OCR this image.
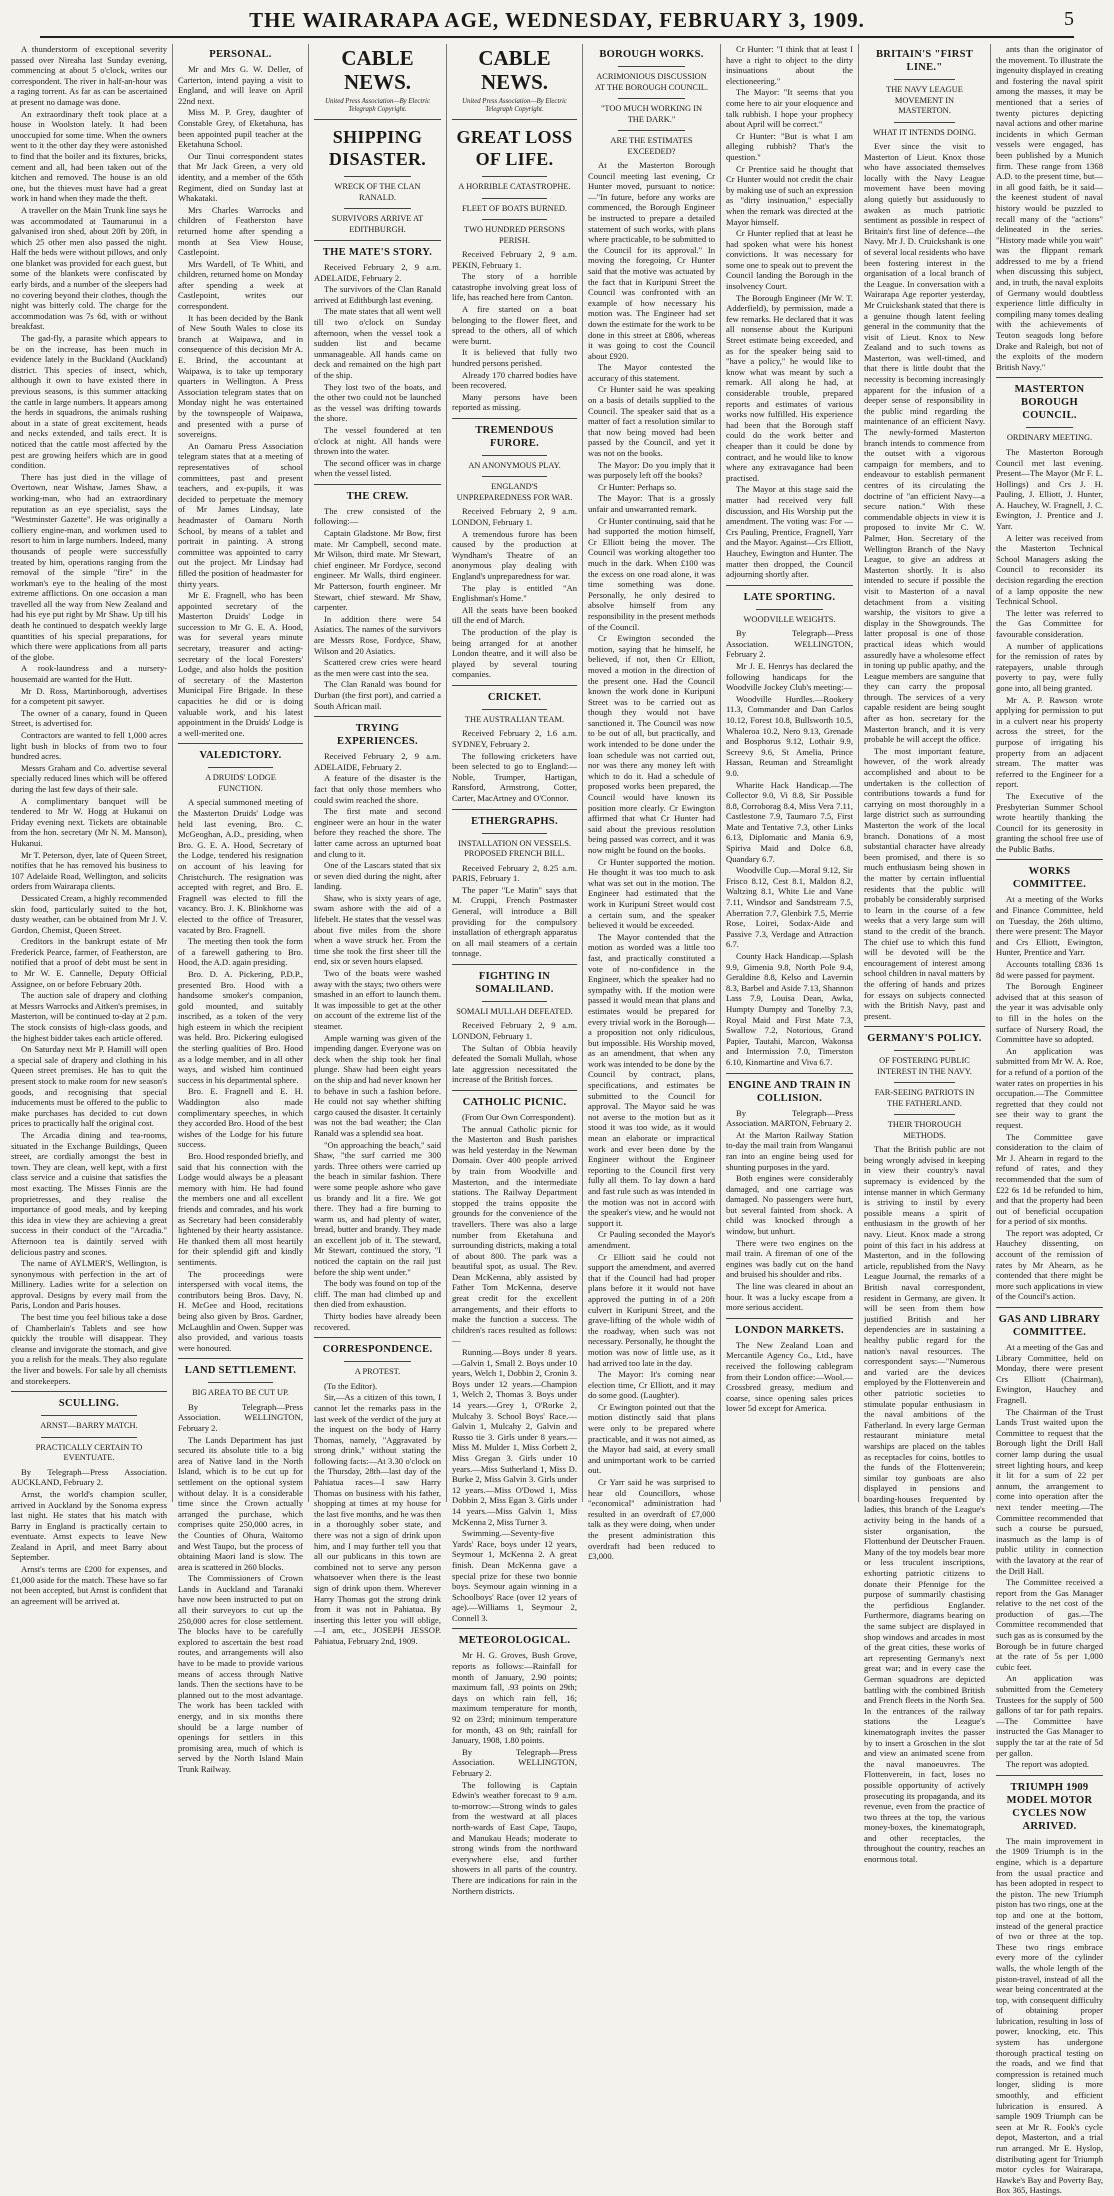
THE WAIRARAPA AGE, WEDNESDAY, FEBRUARY 3, 1909.	5
A thunderstorm of exceptional severity passed over Nireaha last Sunday evening, commencing at about 5 o'clock, writes our correspondent. The river in half-an-hour was a raging torrent. As far as can be ascertained at present no damage was done.
An extraordinary theft took place at a house in Woolston lately. It had been unoccupied for some time. When the owners went to it the other day they were astonished to find that the boiler and its fixtures, bricks, cement and all, had been taken out of the kitchen and removed. The house is an old one, but the thieves must have had a great work in hand when they made the theft.
A traveller on the Main Trunk line says he was accommodated at Taumarunui in a galvanised iron shed, about 20ft by 20ft, in which 25 other men also passed the night. Half the beds were without pillows, and only one blanket was provided for each guest, but some of the blankets were confiscated by early birds, and a number of the sleepers had no covering beyond their clothes, though the night was bitterly cold. The charge for the accommodation was 7s 6d, with or without breakfast.
The gad-fly, a parasite which appears to be on the increase, has been much in evidence lately in the Buckland (Auckland) district. This species of insect, which, although it own to have existed there in previous seasons, is this summer attacking the cattle in large numbers. It appears among the herds in squadrons, the animals rushing about in a state of great excitement, heads and necks extended, and tails erect. It is noticed that the cattle most affected by the pest are growing heifers which are in good condition.
There has just died in the village of Overtown, near Wishaw, James Shaw, a working-man, who had an extraordinary reputation as an eye specialist, says the "Westminster Gazette". He was originally a colliery engine-man, and workmen used to resort to him in large numbers. Indeed, many thousands of people were successfully treated by him, operations ranging from the removal of the simple "fire" in the workman's eye to the healing of the most extreme afflictions. On one occasion a man travelled all the way from New Zealand and had his eye put right by Mr Shaw. Up till his death he continued to despatch weekly large quantities of his special preparations, for which there were applications from all parts of the globe.
A rook-laundress and a nursery-housemaid are wanted for the Hutt.
Mr D. Ross, Martinborough, advertises for a competent pit sawyer.
The owner of a canary, found in Queen Street, is advertised for.
Contractors are wanted to fell 1,000 acres light bush in blocks of from two to four hundred acres.
Messrs Graham and Co. advertise several specially reduced lines which will be offered during the last few days of their sale.
A complimentary banquet will be tendered to Mr W. Hogg at Hukanui on Friday evening next. Tickets are obtainable from the hon. secretary (Mr N. M. Manson), Hukanui.
Mr T. Peterson, dyer, late of Queen Street, notifies that he has removed his business to 107 Adelaide Road, Wellington, and solicits orders from Wairarapa clients.
Dessicated Cream, a highly recommended skin food, particularly suited to the hot, dusty weather, can be obtained from Mr J. V. Gordon, Chemist, Queen Street.
Creditors in the bankrupt estate of Mr Frederick Pearce, farmer, of Featherston, are notified that a proof of debt must be sent in to Mr W. E. Cannelle, Deputy Official Assignee, on or before February 20th.
The auction sale of drapery and clothing at Messrs Warrocks and Aitken's premises, in Masterton, will be continued to-day at 2 p.m. The stock consists of high-class goods, and the highest bidder takes each article offered.
On Saturday next Mr P. Hamill will open a special sale of drapery and clothing in his Queen street premises. He has to quit the present stock to make room for new season's goods, and recognising that special inducements must be offered to the public to make purchases has decided to cut down prices to practically half the original cost.
The Arcadia dining and tea-rooms, situated in the Exchange Buildings, Queen street, are cordially amongst the best in town. They are clean, well kept, with a first class service and a cuisine that satisfies the most exacting. The Misses Finnis are the proprietresses, and they realise the importance of good meals, and by keeping this idea in view they are achieving a great success in their conduct of the "Arcadia." Afternoon tea is daintily served with delicious pastry and scones.
The name of AYLMER'S, Wellington, is synonymous with perfection in the art of Millinery. Ladies write for a selection on approval. Designs by every mail from the Paris, London and Paris houses.
The best time you feel bilious take a dose of Chamberlain's Tablets and see how quickly the trouble will disappear. They cleanse and invigorate the stomach, and give you a relish for the meals. They also regulate the liver and bowels. For sale by all chemists and storekeepers.
SCULLING.
ARNST—BARRY MATCH.
PRACTICALLY CERTAIN TO EVENTUATE.
By Telegraph—Press Association. AUCKLAND, February 2.
Arnst, the world's champion sculler, arrived in Auckland by the Sonoma express last night. He states that his match with Barry in England is practically certain to eventuate. Arnst expects to leave New Zealand in April, and meet Barry about September.
Arnst's terms are £200 for expenses, and £1,000 aside for the match. These have so far not been accepted, but Arnst is confident that an agreement will be arrived at.
PERSONAL.
Mr and Mrs G. W. Deller, of Carterton, intend paying a visit to England, and will leave on April 22nd next.
Miss M. P. Grey, daughter of Constable Grey, of Eketahuna, has been appointed pupil teacher at the Eketahuna School.
Our Tinui correspondent states that Mr Jack Green, a very old identity, and a member of the 65th Regiment, died on Sunday last at Whakataki.
Mrs Charles Warrocks and children of Featherston have returned home after spending a month at Sea View House, Castlepoint.
Mrs Wardell, of Te Whiti, and children, returned home on Monday after spending a week at Castlepoint, writes our correspondent.
It has been decided by the Bank of New South Wales to close its branch at Waipawa, and in consequence of this decision Mr A. E. Brind, the accountant at Waipawa, is to take up temporary quarters in Wellington. A Press Association telegram states that on Monday night he was entertained by the townspeople of Waipawa, and presented with a purse of sovereigns.
An Oamaru Press Association telegram states that at a meeting of representatives of school committees, past and present teachers, and ex-pupils, it was decided to perpetuate the memory of Mr James Lindsay, late headmaster of Oamaru North School, by means of a tablet and portrait in painting. A strong committee was appointed to carry out the project. Mr Lindsay had filled the position of headmaster for thirty years.
Mr E. Fragnell, who has been appointed secretary of the Masterton Druids' Lodge in succession to Mr G. E. A. Hood, was for several years minute secretary, treasurer and acting-secretary of the local Foresters' Lodge, and also holds the position of secretary of the Masterton Municipal Fire Brigade. In these capacities he did or is doing valuable work, and his latest appointment in the Druids' Lodge is a well-merited one.
VALEDICTORY.
A DRUIDS' LODGE FUNCTION.
A special summoned meeting of the Masterton Druids' Lodge was held last evening, Bro. C. McGeoghan, A.D., presiding, when Bro. G. E. A. Hood, Secretary of the Lodge, tendered his resignation on account of his leaving for Christchurch. The resignation was accepted with regret, and Bro. E. Fragnell was elected to fill the vacancy. Bro. J. K. Blinkhorne was elected to the office of Treasurer, vacated by Bro. Fragnell.
The meeting then took the form of a farewell gathering to Bro. Hood, the A.D. again presiding.
Bro. D. A. Pickering, P.D.P., presented Bro. Hood with a handsome smoker's companion, gold mounted, and suitably inscribed, as a token of the very high esteem in which the recipient was held. Bro. Pickering eulogised the sterling qualities of Bro. Hood as a lodge member, and in all other ways, and wished him continued success in his departmental sphere.
Bro. E. Fragnell and E. H. Waddington also made complimentary speeches, in which they accorded Bro. Hood of the best wishes of the Lodge for his future success.
Bro. Hood responded briefly, and said that his connection with the Lodge would always be a pleasant memory with him. He had found the members one and all excellent friends and comrades, and his work as Secretary had been considerably lightened by their hearty assistance. He thanked them all most heartily for their splendid gift and kindly sentiments.
The proceedings were interspersed with vocal items, the contributors being Bros. Davy, N. H. McGee and Hood, recitations being also given by Bros. Gardner, McLaughlin and Owen. Supper was also provided, and various toasts were honoured.
LAND SETTLEMENT.
BIG AREA TO BE CUT UP.
By Telegraph—Press Association. WELLINGTON, February 2.
The Lands Department has just secured its absolute title to a big area of Native land in the North Island, which is to be cut up for settlement on the optional system without delay. It is a considerable time since the Crown actually arranged the purchase, which comprises quite 250,000 acres, in the Counties of Ohura, Waitomo and West Taupo, but the process of obtaining Maori land is slow. The area is scattered in 260 blocks.
The Commissioners of Crown Lands in Auckland and Taranaki have now been instructed to put on all their surveyors to cut up the 250,000 acres for close settlement. The blocks have to be carefully explored to ascertain the best road routes, and arrangements will also have to be made to provide various means of access through Native lands. Then the sections have to be planned out to the most advantage. The work has been tackled with energy, and in six months there should be a large number of openings for settlers in this promising area, much of which is served by the North Island Main Trunk Railway.
CABLE NEWS.
United Press Association—By Electric Telegraph Copyright.
SHIPPING DISASTER.
WRECK OF THE CLAN RANALD.
SURVIVORS ARRIVE AT EDITHBURGH.
THE MATE'S STORY.
Received February 2, 9 a.m. ADELAIDE, February 2.
The survivors of the Clan Ranald arrived at Edithburgh last evening.
The mate states that all went well till two o'clock on Sunday afternoon, when the vessel took a sudden list and became unmanageable. All hands came on deck and remained on the high part of the ship.
They lost two of the boats, and the other two could not be launched as the vessel was drifting towards the shore.
The vessel foundered at ten o'clock at night. All hands were thrown into the water.
The second officer was in charge when the vessel listed.
THE CREW.
The crew consisted of the following:—
Captain Gladstone. Mr Bow, first mate. Mr Campbell, second mate. Mr Wilson, third mate. Mr Stewart, chief engineer. Mr Fordyce, second engineer. Mr Walls, third engineer. Mr Patterson, fourth engineer. Mr Stewart, chief steward. Mr Shaw, carpenter.
In addition there were 54 Asiatics. The names of the survivors are Messrs Rose, Fordyce, Shaw, Wilson and 20 Asiatics.
Scattered crew cries were heard as the men were cast into the sea.
The Clan Ranald was bound for Durban (the first port), and carried a South African mail.
TRYING EXPERIENCES.
Received February 2, 9 a.m. ADELAIDE, February 2.
A feature of the disaster is the fact that only those members who could swim reached the shore.
The first mate and second engineer were an hour in the water before they reached the shore. The latter came across an upturned boat and clung to it.
One of the Lascars stated that six or seven died during the night, after landing.
Shaw, who is sixty years of age, swam ashore with the aid of a lifebelt. He states that the vessel was about five miles from the shore when a wave struck her. From the time she took the first sheer till the end, six or seven hours elapsed.
Two of the boats were washed away with the stays; two others were smashed in an effort to launch them. It was impossible to get at the other on account of the extreme list of the steamer.
Ample warning was given of the impending danger. Everyone was on deck when the ship took her final plunge. Shaw had been eight years on the ship and had never known her to behave in such a fashion before. He could not say whether shifting cargo caused the disaster. It certainly was not the bad weather; the Clan Ranald was a splendid sea boat.
"On approaching the beach," said Shaw, "the surf carried me 300 yards. Three others were carried up the beach in similar fashion. There were some people ashore who gave us brandy and lit a fire. We got there. They had a fire burning to warm us, and had plenty of water, bread, butter and brandy. They made an excellent job of it. The steward, Mr Stewart, continued the story, "I noticed the captain on the rail just before the ship went under."
The body was found on top of the cliff. The man had climbed up and then died from exhaustion.
Thirty bodies have already been recovered.
CORRESPONDENCE.
A PROTEST.
(To the Editor).
Sir,—As a citizen of this town, I cannot let the remarks pass in the last week of the verdict of the jury at the inquest on the body of Harry Thomas, namely, "Aggravated by strong drink," without stating the following facts:—At 3.30 o'clock on the Thursday, 28th—last day of the Pahiatua races—I saw Harry Thomas on business with his father, shopping at times at my house for the last five months, and he was then in a thoroughly sober state, and there was not a sign of drink upon him, and I may further tell you that all our publicans in this town are combined not to serve any person whatsoever when there is the least sign of drink upon them. Wherever Harry Thomas got the strong drink from it was not in Pahiatua. By inserting this letter you will oblige,—I am, etc., JOSEPH JESSOP. Pahiatua, February 2nd, 1909.
CABLE NEWS.
United Press Association—By Electric Telegraph Copyright.
GREAT LOSS OF LIFE.
A HORRIBLE CATASTROPHE.
FLEET OF BOATS BURNED.
TWO HUNDRED PERSONS PERISH.
Received February 2, 9 a.m. PEKIN, February 1.
The story of a horrible catastrophe involving great loss of life, has reached here from Canton.
A fire started on a boat belonging to the flower fleet, and spread to the others, all of which were burnt.
It is believed that fully two hundred persons perished.
Already 170 charred bodies have been recovered.
Many persons have been reported as missing.
TREMENDOUS FURORE.
AN ANONYMOUS PLAY.
ENGLAND'S UNPREPAREDNESS FOR WAR.
Received February 2, 9 a.m. LONDON, February 1.
A tremendous furore has been caused by the production at Wyndham's Theatre of an anonymous play dealing with England's unpreparedness for war.
The play is entitled "An Englishman's Home."
All the seats have been booked till the end of March.
The production of the play is being arranged for at another London theatre, and it will also be played by several touring companies.
CRICKET.
THE AUSTRALIAN TEAM.
Received February 2, 1.6 a.m. SYDNEY, February 2.
The following cricketers have been selected to go to England:—Noble, Trumper, Hartigan, Ransford, Armstrong, Cotter, Carter, MacArtney and O'Connor.
ETHERGRAPHS.
INSTALLATION ON VESSELS. PROPOSED FRENCH BILL.
Received February 2, 8.25 a.m. PARIS, February 1.
The paper "Le Matin" says that M. Cruppi, French Postmaster General, will introduce a Bill providing for the compulsory installation of ethergraph apparatus on all mail steamers of a certain tonnage.
FIGHTING IN SOMALILAND.
SOMALI MULLAH DEFEATED.
Received February 2, 9 a.m. LONDON, February 1.
The Sultan of Obbia heavily defeated the Somali Mullah, whose late aggression necessitated the increase of the British forces.
CATHOLIC PICNIC.
(From Our Own Correspondent).
The annual Catholic picnic for the Masterton and Bush parishes was held yesterday in the Newman Domain. Over 400 people arrived by train from Woodville and Masterton, and the intermediate stations. The Railway Department stopped the trains opposite the grounds for the convenience of the travellers. There was also a large number from Eketahuna and surrounding districts, making a total of about 800. The park was a beautiful spot, as usual. The Rev. Dean McKenna, ably assisted by Father Tom McKenna, deserve great credit for the excellent arrangements, and their efforts to make the function a success. The children's races resulted as follows:—
Running.—Boys under 8 years.—Galvin 1, Small 2. Boys under 10 years, Welch 1, Dobbin 2, Cronin 3. Boys under 12 years.—Champion 1, Welch 2, Thomas 3. Boys under 14 years.—Grey 1, O'Rorke 2, Mulcahy 3. School Boys' Race.—Galvin 1, Mulcahy 2, Galvin and Russo tie 3. Girls under 8 years.—Miss M. Mulder 1, Miss Corbett 2, Miss Gregan 3. Girls under 10 years.—Miss Sutherland 1, Miss D. Burke 2, Miss Galvin 3. Girls under 12 years.—Miss O'Dowd 1, Miss Dobbin 2, Miss Egan 3. Girls under 14 years.—Miss Galvin 1, Miss McKenna 2, Miss Turner 3.
Swimming.—Seventy-five Yards' Race, boys under 12 years, Seymour 1, McKenna 2. A great finish. Dean McKenna gave a special prize for these two bonnie boys. Seymour again winning in a Schoolboys' Race (over 12 years of age).—Williams 1, Seymour 2, Connell 3.
METEOROLOGICAL.
Mr H. G. Groves, Bush Grove, reports as follows:—Rainfall for month of January, 2.90 points; maximum fall, .93 points on 29th; days on which rain fell, 16; maximum temperature for month, 92 on 23rd; minimum temperature for month, 43 on 9th; rainfall for January, 1908, 1.80 points.
By Telegraph—Press Association. WELLINGTON, February 2.
The following is Captain Edwin's weather forecast to 9 a.m. to-morrow:—Strong winds to gales from the westward at all places north-wards of East Cape, Taupo, and Manukau Heads; moderate to strong winds from the northward everywhere else, and further showers in all parts of the country. There are indications for rain in the Northern districts.
BOROUGH WORKS.
ACRIMONIOUS DISCUSSION AT THE BOROUGH COUNCIL.
"TOO MUCH WORKING IN THE DARK."
ARE THE ESTIMATES EXCEEDED?
At the Masterton Borough Council meeting last evening, Cr Hunter moved, pursuant to notice:—"In future, before any works are commenced, the Borough Engineer be instructed to prepare a detailed statement of such works, with plans where practicable, to be submitted to the Council for its approval." In moving the foregoing, Cr Hunter said that the motive was actuated by the fact that in Kuripuni Street the Council was confronted with an example of how necessary his motion was. The Engineer had set down the estimate for the work to be done in this street at £806, whereas it was going to cost the Council about £920.
The Mayor contested the accuracy of this statement.
Cr Hunter said he was speaking on a basis of details supplied to the Council. The speaker said that as a matter of fact a resolution similar to that now being moved had been passed by the Council, and yet it was not on the books.
The Mayor: Do you imply that it was purposely left off the books?
Cr Hunter: Perhaps so.
The Mayor: That is a grossly unfair and unwarranted remark.
Cr Hunter continuing, said that he had supported the motion himself, Cr Elliott being the mover. The Council was working altogether too much in the dark. When £100 was the excess on one road alone, it was time something was done. Personally, he only desired to absolve himself from any responsibility in the present methods of the Council.
Cr Ewington seconded the motion, saying that he himself, he believed, if not, then Cr Elliott, moved a motion in the direction of the present one. Had the Council known the work done in Kuripuni Street was to be carried out as though they would not have sanctioned it. The Council was now to be out of all, but practically, and work intended to be done under the loan schedule was not carried out, nor was there any money left with which to do it. Had a schedule of proposed works been prepared, the Council would have known its position more clearly. Cr Ewington affirmed that what Cr Hunter had said about the previous resolution being passed was correct, and it was now might be found on the books.
Cr Hunter supported the motion. He thought it was too much to ask what was set out in the motion. The Engineer had estimated that the work in Kuripuni Street would cost a certain sum, and the speaker believed it would be exceeded.
The Mayor contended that the motion as worded was a little too fast, and practically constituted a vote of no-confidence in the Engineer, which the speaker had no sympathy with. If the motion were passed it would mean that plans and estimates would be prepared for every trivial work in the Borough—a proposition not only ridiculous, but impossible. His Worship moved, as an amendment, that when any work was intended to be done by the Council by contract, plans, specifications, and estimates be submitted to the Council for approval. The Mayor said he was not averse to the motion but as it stood it was too wide, as it would mean an elaborate or impractical work and ever been done by the Engineer without the Engineer reporting to the Council first very fully all them. To lay down a hard and fast rule such as was intended in the motion was not in accord with the speaker's view, and he would not support it.
Cr Pauling seconded the Mayor's amendment.
Cr Elliott said he could not support the amendment, and averred that if the Council had had proper plans before it it would not have approved the putting in of a 20ft culvert in Kuripuni Street, and the grave-lifting of the whole width of the roadway, when such was not necessary. Personally, he thought the motion was now of little use, as it had arrived too late in the day.
The Mayor: It's coming near election time, Cr Elliott, and it may do some good. (Laughter).
Cr Ewington pointed out that the motion distinctly said that plans were only to be prepared where practicable, and it was not aimed, as the Mayor had said, at every small and unimportant work to be carried out.
Cr Yarr said he was surprised to hear old Councillors, whose "economical" administration had resulted in an overdraft of £7,000 talk as they were doing, when under the present administration this overdraft had been reduced to £3,000.
Cr Hunter: "I think that at least I have a right to object to the dirty insinuations about the electioneering."
The Mayor: "It seems that you come here to air your eloquence and talk rubbish. I hope your prophecy about April will be correct."
Cr Hunter: "But is what I am alleging rubbish? That's the question."
Cr Prentice said he thought that Cr Hunter would not credit the chair by making use of such an expression as "dirty insinuation," especially when the remark was directed at the Mayor himself.
Cr Hunter replied that at least he had spoken what were his honest convictions. It was necessary for some one to speak out to prevent the Council landing the Borough in the insolvency Court.
The Borough Engineer (Mr W. T. Adderfield), by permission, made a few remarks. He declared that it was all nonsense about the Kuripuni Street estimate being exceeded, and as for the speaker being said to "have a policy," he would like to know what was meant by such a remark. All along he had, at considerable trouble, prepared reports and estimates of various works now fulfilled. His experience had been that the Borough staff could do the work better and cheaper than it could be done by contract, and he would like to know where any extravagance had been practised.
The Mayor at this stage said the matter had received very full discussion, and His Worship put the amendment. The voting was: For —Crs Pauling, Prentice, Fragnell, Yarr and the Mayor. Against—Crs Elliott, Hauchey, Ewington and Hunter. The matter then dropped, the Council adjourning shortly after.
LATE SPORTING.
WOODVILLE WEIGHTS.
By Telegraph—Press Association. WELLINGTON, February 2.
Mr J. E. Henrys has declared the following handicaps for the Woodville Jockey Club's meeting:—
Woodville Hurdles.—Rookery 11.3, Commander and Dan Carlos 10.12, Forest 10.8, Bullsworth 10.5, Whaleroa 10.2, Nero 9.13, Grenade and Bosphorus 9.12, Lothair 9.9, Screevy 9.6, St Amelia, Prince Hassan, Reuman and Streamlight 9.0.
Wharite Hack Handicap.—The Collector 9.0, Vi 8.8, Sir Possible 8.8, Corroborag 8.4, Miss Vera 7.11, Castlestone 7.9, Taumaro 7.5, First Mate and Tentative 7.3, other Links 6.13, Diplomatic and Mania 6.9, Spiriva Maid and Dolce 6.8, Quandary 6.7.
Woodville Cup.—Moral 9.12, Sir Frisco 8.12, Cest 8.1, Maldon 8.2, Waltzing 8.1, White Lie and Vane 7.11, Windsor and Sandstream 7.5, Aberration 7.7, Glenbirk 7.5, Merrie Rose, Loirei, Sodax-Aide and Passive 7.3, Verdage and Attraction 6.7.
County Hack Handicap.—Splash 9.9, Gimenia 9.8, North Pole 9.4, Geraldine 8.8, Kelso and Lavernin 8.3, Barbel and Aside 7.13, Shannon Lass 7.9, Louisa Dean, Awka, Humpty Dumpty and Tonelby 7.3, Royal Maid and First Mate 7.3, Swallow 7.2, Notorious, Grand Papier, Tautahi, Marcon, Wakonsa and Intermission 7.0, Timerston 6.10, Kinmartine and Viva 6.7.
ENGINE AND TRAIN IN COLLISION.
By Telegraph—Press Association. MARTON, February 2.
At the Marton Railway Station to-day the mail train from Wanganui ran into an engine being used for shunting purposes in the yard.
Both engines were considerably damaged, and one carriage was damaged. No passengers were hurt, but several fainted from shock. A child was knocked through a window, but unhurt.
There were two engines on the mail train. A fireman of one of the engines was badly cut on the hand and bruised his shoulder and ribs.
The line was cleared in about an hour. It was a lucky escape from a more serious accident.
LONDON MARKETS.
The New Zealand Loan and Mercantile Agency Co., Ltd., have received the following cablegram from their London office:—Wool.—Crossbred greasy, medium and coarse, since opening sales prices lower 5d except for America.
BRITAIN'S "FIRST LINE."
THE NAVY LEAGUE MOVEMENT IN MASTERTON.
WHAT IT INTENDS DOING.
Ever since the visit to Masterton of Lieut. Knox those who have associated themselves locally with the Navy League movement have been moving along quietly but assiduously to awaken as much patriotic sentiment as possible in respect of Britain's first line of defence—the Navy. Mr J. D. Cruickshank is one of several local residents who have been fostering interest in the organisation of a local branch of the League. In conversation with a Wairarapa Age reporter yesterday, Mr Cruickshank stated that there is a genuine though latent feeling general in the community that the visit of Lieut. Knox to New Zealand and to such towns as Masterton, was well-timed, and that there is little doubt that the necessity is becoming increasingly apparent for the infusion of a deeper sense of responsibility in the public mind regarding the maintenance of an efficient Navy. The newly-formed Masterton branch intends to commence from the outset with a vigorous campaign for members, and to endeavour to establish permanent centres of its circulating the doctrine of "an efficient Navy—a secure nation." With these commendable objects in view it is proposed to invite Mr C. W. Palmer, Hon. Secretary of the Wellington Branch of the Navy League, to give an address at Masterton shortly. It is also intended to secure if possible the visit to Masterton of a naval detachment from a visiting warship, the visitors to give a display in the Showgrounds. The latter proposal is one of those practical ideas which would assuredly have a wholesome effect in toning up public apathy, and the League members are sanguine that they can carry the proposal through. The services of a very capable resident are being sought after as hon. secretary for the Masterton branch, and it is very probable he will accept the office.
The most important feature, however, of the work already accomplished and about to be undertaken is the collection of contributions towards a fund for carrying on most thoroughly in a large district such as surrounding Masterton the work of the local branch. Donations of a most substantial character have already been promised, and there is so much enthusiasm being shown in the matter by certain influential residents that the public will probably be considerably surprised to learn in the course of a few weeks that a very large sum will stand to the credit of the branch. The chief use to which this fund will be devoted will be the encouragement of interest among school children in naval matters by the offering of hands and prizes for essays on subjects connected with the British Navy, past and present.
GERMANY'S POLICY.
OF FOSTERING PUBLIC INTEREST IN THE NAVY.
FAR-SEEING PATRIOTS IN THE FATHERLAND.
THEIR THOROUGH METHODS.
That the British public are not being wrongly advised in keeping in view their country's naval supremacy is evidenced by the intense manner in which Germany is striving to instil by every possible means a spirit of enthusiasm in the growth of her navy. Lieut. Knox made a strong point of this fact in his address at Masterton, and in the following article, republished from the Navy League Journal, the remarks of a British naval correspondent, resident in Germany, are given. It will be seen from them how justified British and her dependencies are in sustaining a healthy public regard for the nation's naval resources. The correspondent says:—"Numerous and varied are the devices employed by the Flottenverein and other patriotic societies to stimulate popular enthusiasm in the naval ambitions of the Fatherland. In every large German restaurant miniature metal warships are placed on the tables as receptacles for coins, bottles to the funds of the Flottenverein; similar toy gunboats are also displayed in pensions and boarding-houses frequented by ladies, this branch of the League's activity being in the hands of a sister organisation, the Flottenbund der Deutscher Frauen. Many of the toy models bear more or less truculent inscriptions, exhorting patriotic citizens to donate their Pfennige for the purpose of summarily chastising the perfidious Englander. Furthermore, diagrams bearing on the same subject are displayed in shop windows and arcades in most of the great cities, these works of art representing Germany's next great war; and in every case the German squadrons are depicted battling with the combined British and French fleets in the North Sea. In the entrances of the railway stations the League's kinematograph invites the passer by to insert a Groschen in the slot and view an animated scene from the naval manoeuvres. The Flottenverein, in fact, loses no possible opportunity of actively prosecuting its propaganda, and its revenue, even from the practice of two threes at the top, the various money-boxes, the kinematograph, and other receptacles, the throughout the country, reaches an enormous total.
ants than the originator of the movement. To illustrate the ingenuity displayed in creating and fostering the naval spirit among the masses, it may be mentioned that a series of twenty pictures depicting naval actions and other marine incidents in which German vessels were engaged, has been published by a Munich firm. These range from 1368 A.D. to the present time, but—in all good faith, be it said—the keenest student of naval history would be puzzled to recall many of the "actions" delineated in the series. "History made while you wait" was the flippant remark addressed to me by a friend when discussing this subject, and, in truth, the naval exploits of Germany would doubtless experience little difficulty in compiling many tomes dealing with the achievements of Teuton seagods long before Drake and Raleigh, but not of the exploits of the modern British Navy."
MASTERTON BOROUGH COUNCIL.
ORDINARY MEETING.
The Masterton Borough Council met last evening. Present—The Mayor (Mr F. L. Hollings) and Crs J. H. Pauling, J. Elliott, J. Hunter, A. Hauchey, W. Fragnell, J. C. Ewington, J. Prentice and J. Yarr.
A letter was received from the Masterton Technical School Managers asking the Council to reconsider its decision regarding the erection of a lamp opposite the new Technical School.
The letter was referred to the Gas Committee for favourable consideration.
A number of applications for the remission of rates by ratepayers, unable through poverty to pay, were fully gone into, all being granted.
Mr A. P. Rawson wrote applying for permission to put in a culvert near his property across the street, for the purpose of irrigating his property from an adjacent stream. The matter was referred to the Engineer for a report.
The Executive of the Presbyterian Summer School wrote heartily thanking the Council for its generosity in granting the school free use of the Public Baths.
WORKS COMMITTEE.
At a meeting of the Works and Finance Committee, held on Tuesday, the 26th ultimo, there were present: The Mayor and Crs Elliott, Ewington, Hunter, Prentice and Yarr.
Accounts totalling £836 1s 8d were passed for payment.
The Borough Engineer advised that at this season of the year it was advisable only to fill in the holes on the surface of Nursery Road, the Committee have so adopted.
An application was submitted from Mr W. A. Roe, for a refund of a portion of the water rates on properties in his occupation.—The Committee regretted that they could not see their way to grant the request.
The Committee gave consideration to the claim of Mr J. Ahearn in regard to the refund of rates, and they recommended that the sum of £22 6s 1d be refunded to him, and that the property had been out of beneficial occupation for a period of six months.
The report was adopted, Cr Hauchey dissenting, on account of the remission of rates by Mr Ahearn, as he contended that there might be more such applications in view of the Council's action.
GAS AND LIBRARY COMMITTEE.
At a meeting of the Gas and Library Committee, held on Monday, there were present Crs Elliott (Chairman), Ewington, Hauchey and Fragnell.
The Chairman of the Trust Lands Trust waited upon the Committee to request that the Borough light the Drill Hall corner lamp during the usual street lighting hours, and keep it lit for a sum of 22 per annum, the arrangement to come into operation after the next tender meeting.—The Committee recommended that such a course be pursued, inasmuch as the lamp is of public utility in connection with the lavatory at the rear of the Drill Hall.
The Committee received a report from the Gas Manager relative to the net cost of the production of gas.—The Committee recommended that such gas as is consumed by the Borough be in future charged at the rate of 5s per 1,000 cubic feet.
An application was submitted from the Cemetery Trustees for the supply of 500 gallons of tar for path repairs.—The Committee have instructed the Gas Manager to supply the tar at the rate of 5d per gallon.
The report was adopted.
TRIUMPH 1909 MODEL MOTOR CYCLES NOW ARRIVED.
The main improvement in the 1909 Triumph is in the engine, which is a departure from the usual practice and has been adopted in respect to the piston. The new Triumph piston has two rings, one at the top and one at the bottom, instead of the general practice of two or three at the top. These two rings embrace every more of the cylinder walls, the whole length of the piston-travel, instead of all the wear being concentrated at the top, with consequent difficulty of obtaining proper lubrication, resulting in loss of power, knocking, etc. This system has undergone thorough practical testing on the roads, and we find that compression is retained much longer, sliding is more smoothly, and efficient lubrication is ensured. A sample 1909 Triumph can be seen at Mr R. Fook's cycle depot, Masterton, and a trial run arranged. Mr E. Hyslop, distributing agent for Triumph motor cycles for Wairarapa, Hawke's Bay and Poverty Bay, Box 365, Hastings.
